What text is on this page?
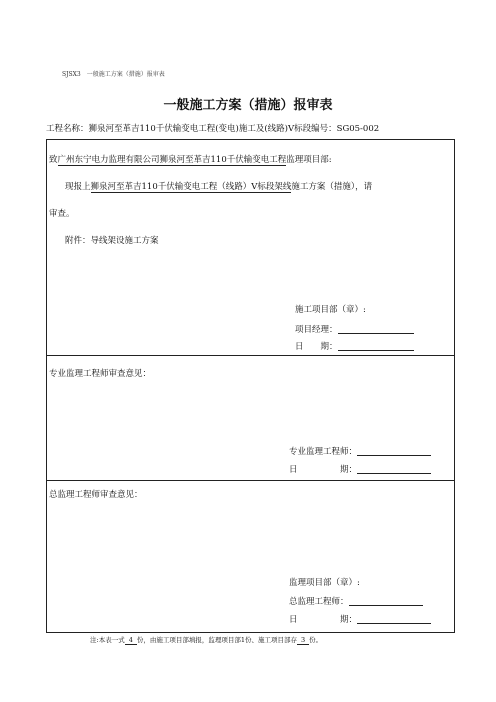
SJSX3　一般施工方案（措施）报审表
一般施工方案（措施）报审表
工程名称：狮泉河至革吉110千伏输变电工程(变电)施工及(线路)Ⅴ标段编号：SG05-002
致广州东宁电力监理有限公司狮泉河至革吉110千伏输变电工程监理项目部:
现报上狮泉河至革吉110千伏输变电工程（线路）Ⅴ标段架线施工方案（措施），请
审查。
附件：导线架设施工方案
施工项目部（章）:
项目经理：
日　　期：
专业监理工程师审查意见：
专业监理工程师：
日　　　　　期：
总监理工程师审查意见：
监理项目部（章）:
总监理工程师：
日　　　　　期：
注:本表一式 4 份，由施工项目部填报，监理项目部1份、施工项目部存 3 份。
